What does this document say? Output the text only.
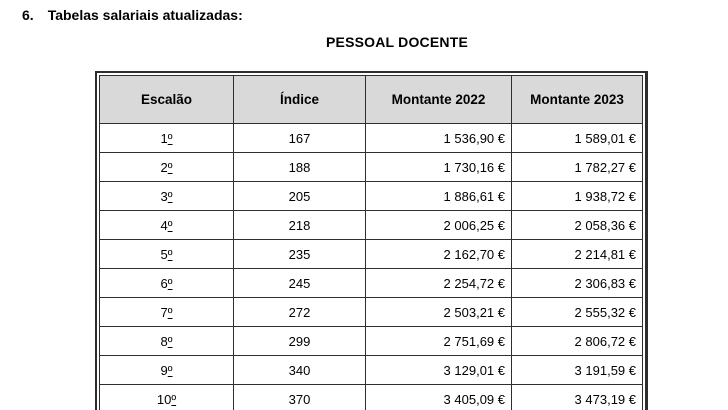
6. Tabelas salariais atualizadas:
PESSOAL DOCENTE
Escalão	Índice	Montante 2022	Montante 2023
1º	167	1 536,90 €	1 589,01 €
2º	188	1 730,16 €	1 782,27 €
3º	205	1 886,61 €	1 938,72 €
4º	218	2 006,25 €	2 058,36 €
5º	235	2 162,70 €	2 214,81 €
6º	245	2 254,72 €	2 306,83 €
7º	272	2 503,21 €	2 555,32 €
8º	299	2 751,69 €	2 806,72 €
9º	340	3 129,01 €	3 191,59 €
10º	370	3 405,09 €	3 473,19 €
